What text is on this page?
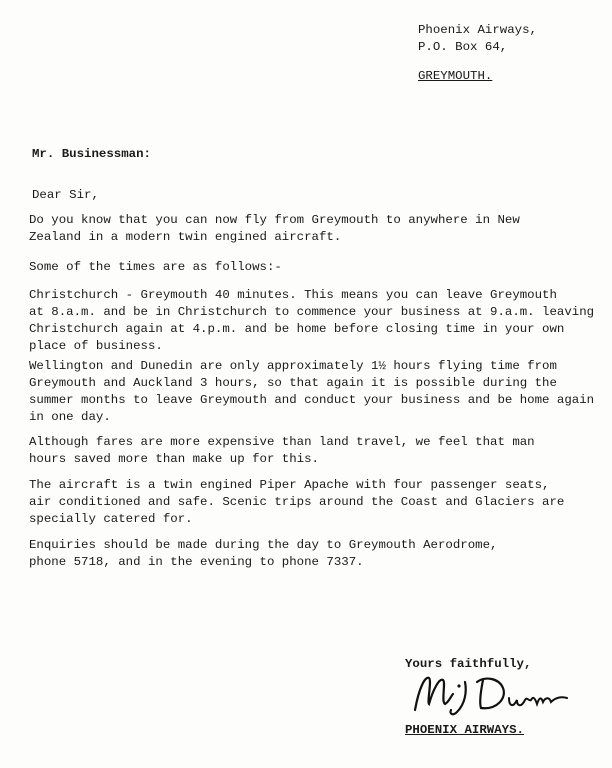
Phoenix Airways,
P.O. Box 64,
GREYMOUTH.
Mr. Businessman:
Dear Sir,
Do you know that you can now fly from Greymouth to anywhere in New
Zealand in a modern twin engined aircraft.
Some of the times are as follows:-
Christchurch - Greymouth 40 minutes. This means you can leave Greymouth
at 8.a.m. and be in Christchurch to commence your business at 9.a.m. leaving
Christchurch again at 4.p.m. and be home before closing time in your own
place of business.
Wellington and Dunedin are only approximately 1½ hours flying time from
Greymouth and Auckland 3 hours, so that again it is possible during the
summer months to leave Greymouth and conduct your business and be home again
in one day.
Although fares are more expensive than land travel, we feel that man
hours saved more than make up for this.
The aircraft is a twin engined Piper Apache with four passenger seats,
air conditioned and safe. Scenic trips around the Coast and Glaciers are
specially catered for.
Enquiries should be made during the day to Greymouth Aerodrome,
phone 5718, and in the evening to phone 7337.
Yours faithfully,
PHOENIX AIRWAYS.
